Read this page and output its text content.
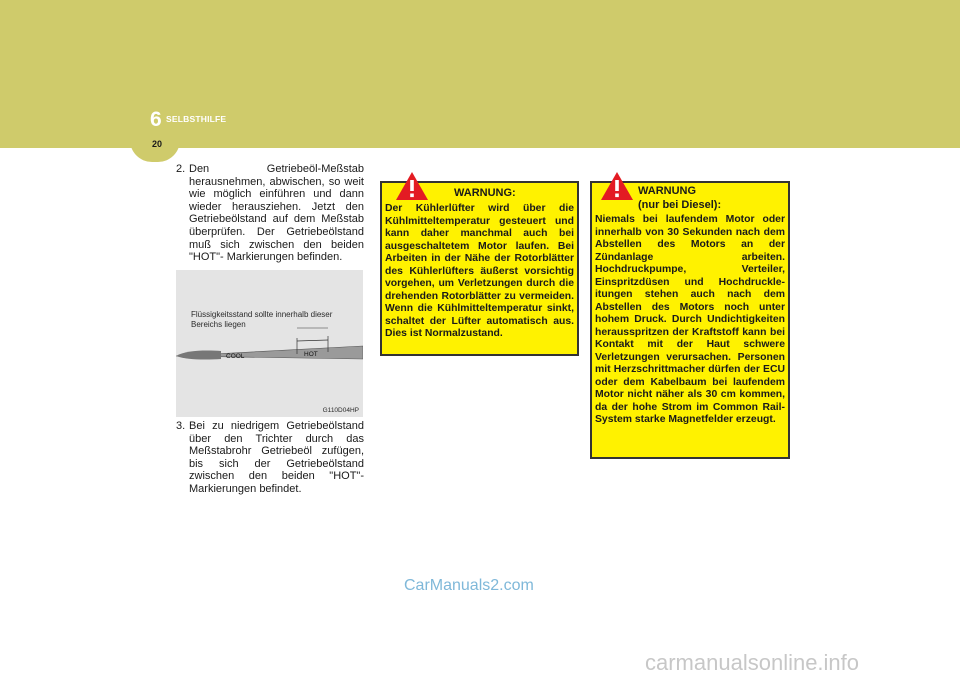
6 SELBSTHILFE
20
2. Den Getriebeöl-Meßstab herausnehmen, abwischen, so weit wie möglich einführen und dann wieder herausziehen. Jetzt den Getriebeölstand auf dem Meßstab überprüfen. Der Getriebeölstand muß sich zwischen den beiden "HOT"- Markierungen befinden.
COOL	HOT
Flüssigkeitsstand sollte innerhalb dieser
Bereichs liegen
G110D04HP
3. Bei zu niedrigem Getriebeölstand über den Trichter durch das Meßstabrohr Getriebeöl zufügen, bis sich der Getriebeölstand zwischen den beiden "HOT"- Markierungen befindet.
WARNUNG:
Der Kühlerlüfter wird über die Kühlmitteltemperatur gesteuert und kann daher manchmal auch bei ausgeschaltetem Motor laufen. Bei Arbeiten in der Nähe der Rotorblätter des Kühlerlüfters äußerst vorsichtig vorgehen, um Verletzungen durch die drehenden Rotorblätter zu vermeiden. Wenn die Kühlmitteltemperatur sinkt, schaltet der Lüfter automatisch aus. Dies ist Normalzustand.
WARNUNG
(nur bei Diesel):
Niemals bei laufendem Motor oder innerhalb von 30 Sekunden nach dem Abstellen des Motors an der Zündanlage arbeiten. Hochdruckpumpe, Verteiler, Einspritzdüsen und Hochdruckle-itungen stehen auch nach dem Abstellen des Motors noch unter hohem Druck. Durch Undichtigkeiten herausspritzen der Kraftstoff kann bei Kontakt mit der Haut schwere Verletzungen verursachen. Personen mit Herzschrittmacher dürfen der ECU oder dem Kabelbaum bei laufendem Motor nicht näher als 30 cm kommen, da der hohe Strom im Common Rail-System starke Magnetfelder erzeugt.
CarManuals2.com
carmanualsonline.info
